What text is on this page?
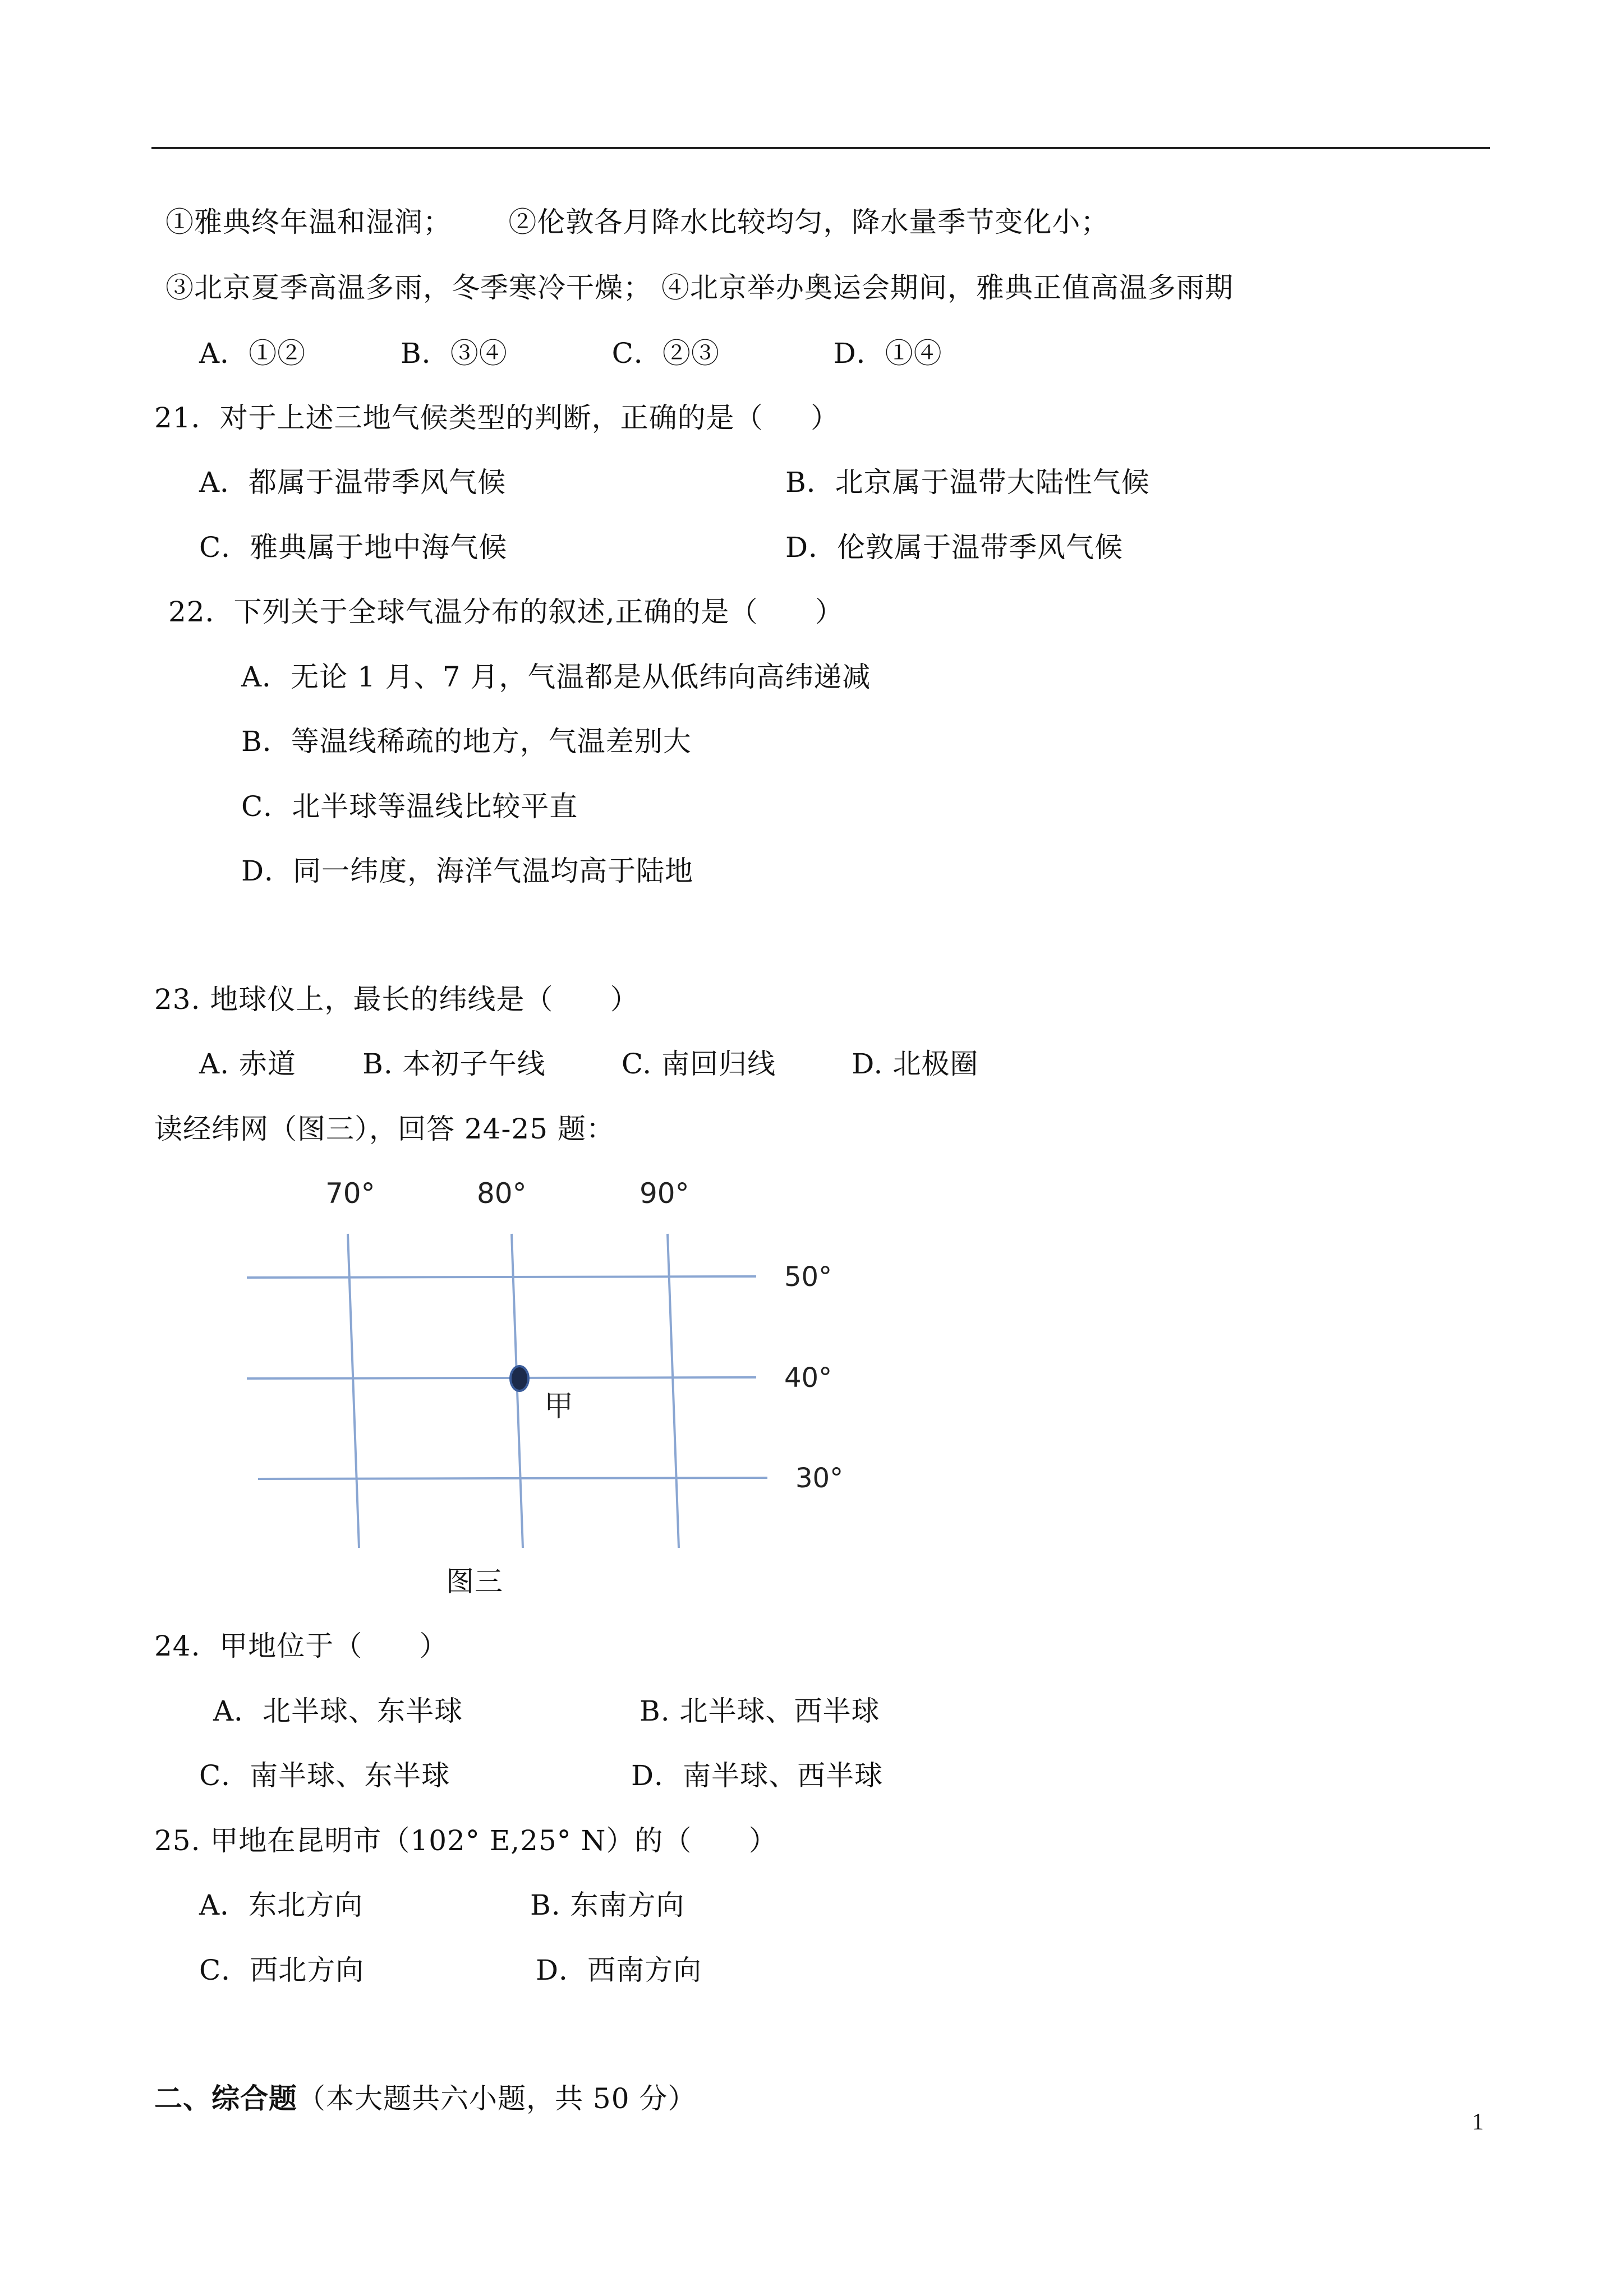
①雅典终年温和湿润；      ②伦敦各月降水比较均匀，降水量季节变化小；
③北京夏季高温多雨，冬季寒冷干燥； ④北京举办奥运会期间，雅典正值高温多雨期
A．①②          B．③④           C．②③            D．①④
21．对于上述三地气候类型的判断，正确的是（     ）
A．都属于温带季风气候	B．北京属于温带大陆性气候
C．雅典属于地中海气候	D．伦敦属于温带季风气候
22．下列关于全球气温分布的叙述,正确的是（      ）
A．无论 1 月、7 月，气温都是从低纬向高纬递减
B．等温线稀疏的地方，气温差别大
C．北半球等温线比较平直
D．同一纬度，海洋气温均高于陆地
23. 地球仪上，最长的纬线是（      ）
A. 赤道       B. 本初子午线        C. 南回归线        D. 北极圈
读经纬网（图三），回答 24-25 题：
70°	80°	90°
50°
40°
30°
甲
图三
24.  甲地位于（      ）
A．北半球、东半球	B. 北半球、西半球
C．南半球、东半球	D．南半球、西半球
25. 甲地在昆明市（102° E,25° N）的（      ）
A．东北方向	B. 东南方向
C．西北方向	D．西南方向
二、综合题（本大题共六小题，共 50 分）
1
